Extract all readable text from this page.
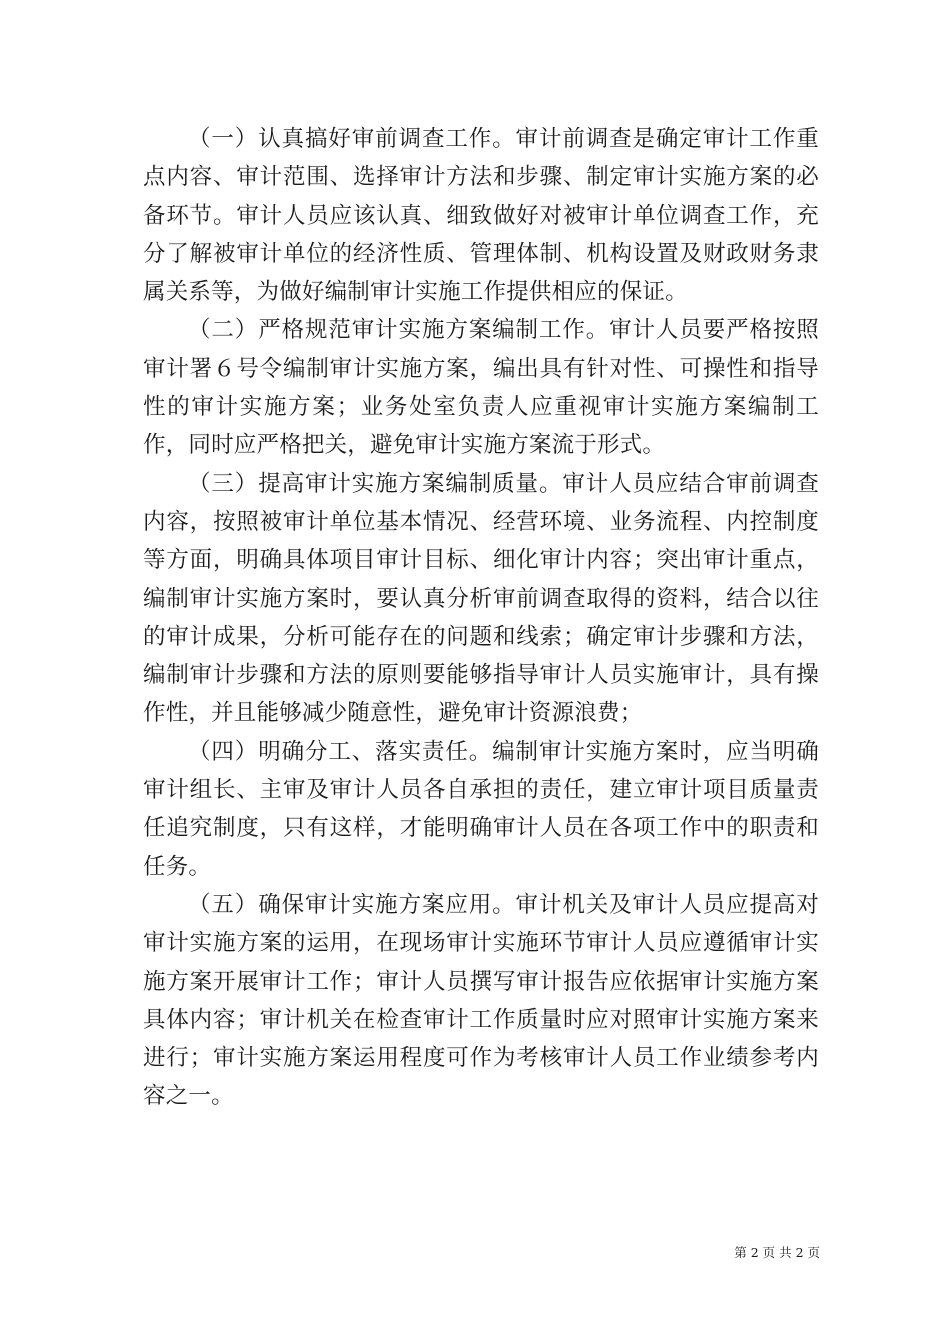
（一）认真搞好审前调查工作。审计前调查是确定审计工作重点内容、审计范围、选择审计方法和步骤、制定审计实施方案的必备环节。审计人员应该认真、细致做好对被审计单位调查工作，充分了解被审计单位的经济性质、管理体制、机构设置及财政财务隶属关系等，为做好编制审计实施工作提供相应的保证。

（二）严格规范审计实施方案编制工作。审计人员要严格按照审计署６号令编制审计实施方案，编出具有针对性、可操性和指导性的审计实施方案；业务处室负责人应重视审计实施方案编制工作，同时应严格把关，避免审计实施方案流于形式。

（三）提高审计实施方案编制质量。审计人员应结合审前调查内容，按照被审计单位基本情况、经营环境、业务流程、内控制度等方面，明确具体项目审计目标、细化审计内容；突出审计重点，编制审计实施方案时，要认真分析审前调查取得的资料，结合以往的审计成果，分析可能存在的问题和线索；确定审计步骤和方法，编制审计步骤和方法的原则要能够指导审计人员实施审计，具有操作性，并且能够减少随意性，避免审计资源浪费；

（四）明确分工、落实责任。编制审计实施方案时，应当明确审计组长、主审及审计人员各自承担的责任，建立审计项目质量责任追究制度，只有这样，才能明确审计人员在各项工作中的职责和任务。

（五）确保审计实施方案应用。审计机关及审计人员应提高对审计实施方案的运用，在现场审计实施环节审计人员应遵循审计实施方案开展审计工作；审计人员撰写审计报告应依据审计实施方案具体内容；审计机关在检查审计工作质量时应对照审计实施方案来进行；审计实施方案运用程度可作为考核审计人员工作业绩参考内容之一。

第 2 页 共 2 页
